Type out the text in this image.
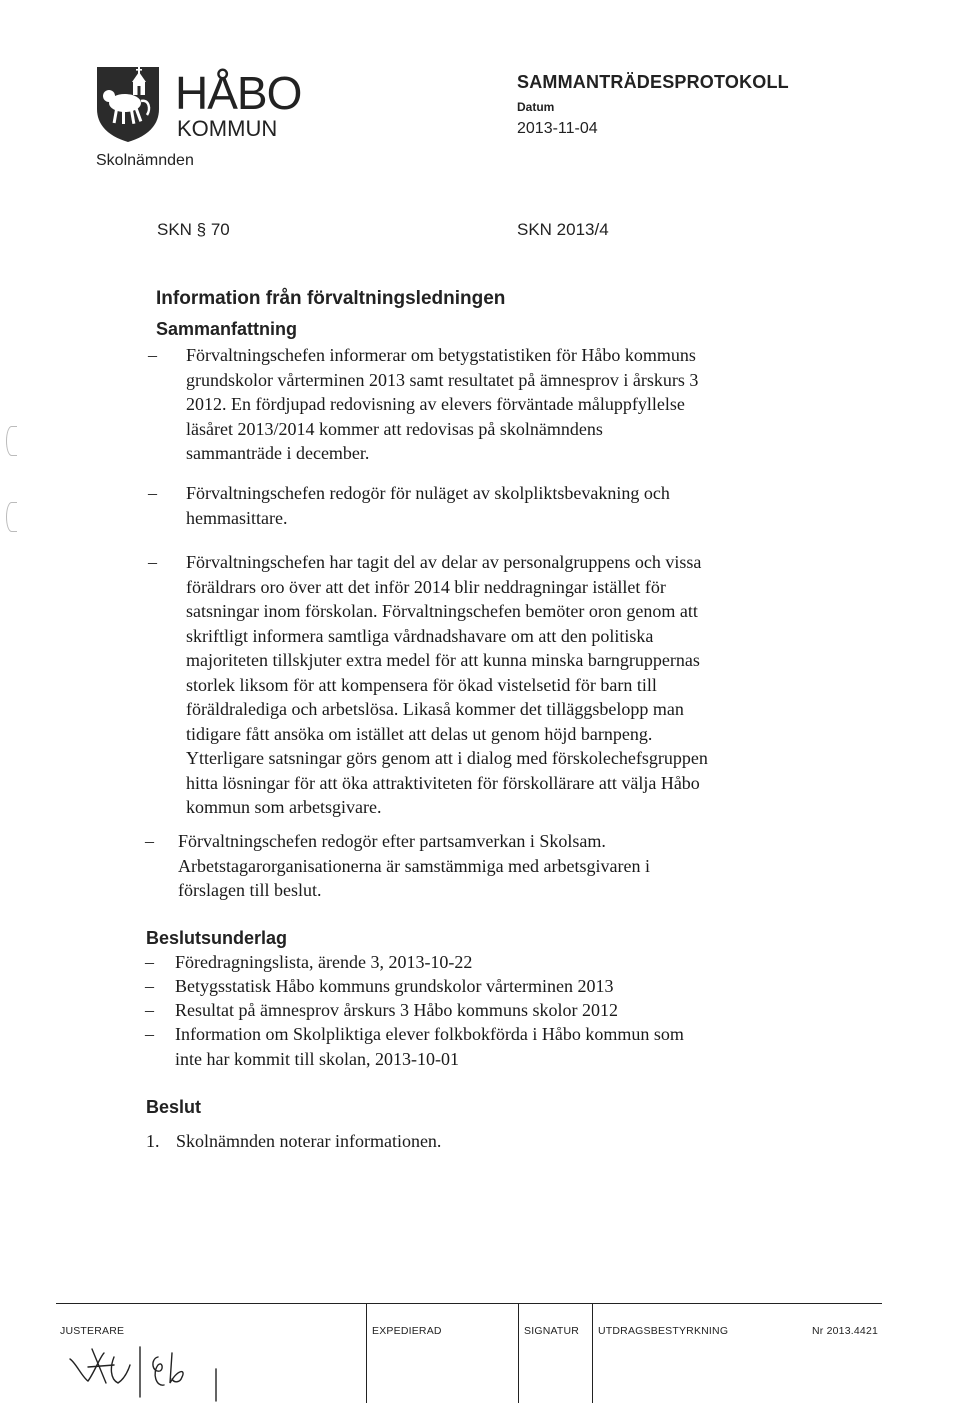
HÅBO
KOMMUN
Skolnämnden
SAMMANTRÄDESPROTOKOLL
Datum
2013-11-04
SKN § 70	SKN 2013/4
Information från förvaltningsledningen
Sammanfattning
– Förvaltningschefen informerar om betygstatistiken för Håbo kommuns
grundskolor vårterminen 2013 samt resultatet på ämnesprov i årskurs 3
2012. En fördjupad redovisning av elevers förväntade måluppfyllelse
läsåret 2013/2014 kommer att redovisas på skolnämndens
sammanträde i december.
– Förvaltningschefen redogör för nuläget av skolpliktsbevakning och
hemmasittare.
– Förvaltningschefen har tagit del av delar av personalgruppens och vissa
föräldrars oro över att det inför 2014 blir neddragningar istället för
satsningar inom förskolan. Förvaltningschefen bemöter oron genom att
skriftligt informera samtliga vårdnadshavare om att den politiska
majoriteten tillskjuter extra medel för att kunna minska barngruppernas
storlek liksom för att kompensera för ökad vistelsetid för barn till
föräldralediga och arbetslösa. Likaså kommer det tilläggsbelopp man
tidigare fått ansöka om istället att delas ut genom höjd barnpeng.
Ytterligare satsningar görs genom att i dialog med förskolechefsgruppen
hitta lösningar för att öka attraktiviteten för förskollärare att välja Håbo
kommun som arbetsgivare.
– Förvaltningschefen redogör efter partsamverkan i Skolsam.
Arbetstagarorganisationerna är samstämmiga med arbetsgivaren i
förslagen till beslut.
Beslutsunderlag
– Föredragningslista, ärende 3, 2013-10-22
– Betygsstatisk Håbo kommuns grundskolor vårterminen 2013
– Resultat på ämnesprov årskurs 3 Håbo kommuns skolor 2012
– Information om Skolpliktiga elever folkbokförda i Håbo kommun som
inte har kommit till skolan, 2013-10-01
Beslut
1. Skolnämnden noterar informationen.
JUSTERARE	EXPEDIERAD	SIGNATUR UTDRAGSBESTYRKNING	Nr 2013.4421
